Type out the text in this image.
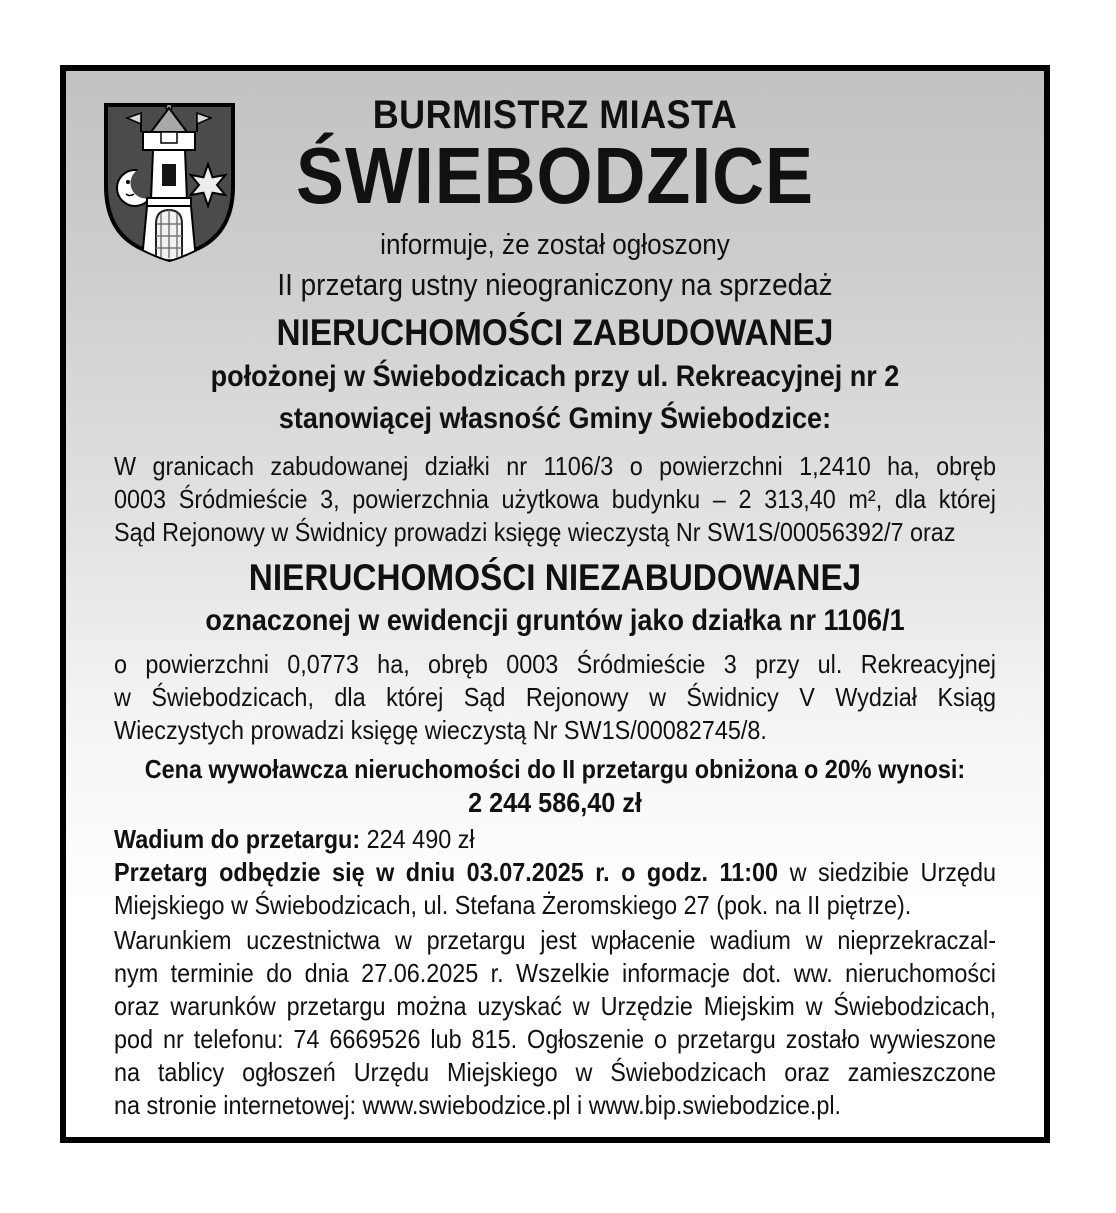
BURMISTRZ MIASTA
ŚWIEBODZICE
informuje, że został ogłoszony
II przetarg ustny nieograniczony na sprzedaż
NIERUCHOMOŚCI ZABUDOWANEJ
położonej w Świebodzicach przy ul. Rekreacyjnej nr 2
stanowiącej własność Gminy Świebodzice:
W granicach zabudowanej działki nr 1106/3 o powierzchni 1,2410 ha, obręb
0003 Śródmieście 3, powierzchnia użytkowa budynku – 2 313,40 m², dla której
Sąd Rejonowy w Świdnicy prowadzi księgę wieczystą Nr SW1S/00056392/7 oraz
NIERUCHOMOŚCI NIEZABUDOWANEJ
oznaczonej w ewidencji gruntów jako działka nr 1106/1
o powierzchni 0,0773 ha, obręb 0003 Śródmieście 3 przy ul. Rekreacyjnej
w Świebodzicach, dla której Sąd Rejonowy w Świdnicy V Wydział Ksiąg
Wieczystych prowadzi księgę wieczystą Nr SW1S/00082745/8.
Cena wywoławcza nieruchomości do II przetargu obniżona o 20% wynosi:
2 244 586,40 zł
Wadium do przetargu: 224 490 zł
Przetarg odbędzie się w dniu 03.07.2025 r. o godz. 11:00 w siedzibie Urzędu
Miejskiego w Świebodzicach, ul. Stefana Żeromskiego 27 (pok. na II piętrze).
Warunkiem uczestnictwa w przetargu jest wpłacenie wadium w nieprzekraczal-
nym terminie do dnia 27.06.2025 r. Wszelkie informacje dot. ww. nieruchomości
oraz warunków przetargu można uzyskać w Urzędzie Miejskim w Świebodzicach,
pod nr telefonu: 74 6669526 lub 815. Ogłoszenie o przetargu zostało wywieszone
na tablicy ogłoszeń Urzędu Miejskiego w Świebodzicach oraz zamieszczone
na stronie internetowej: www.swiebodzice.pl i www.bip.swiebodzice.pl.
